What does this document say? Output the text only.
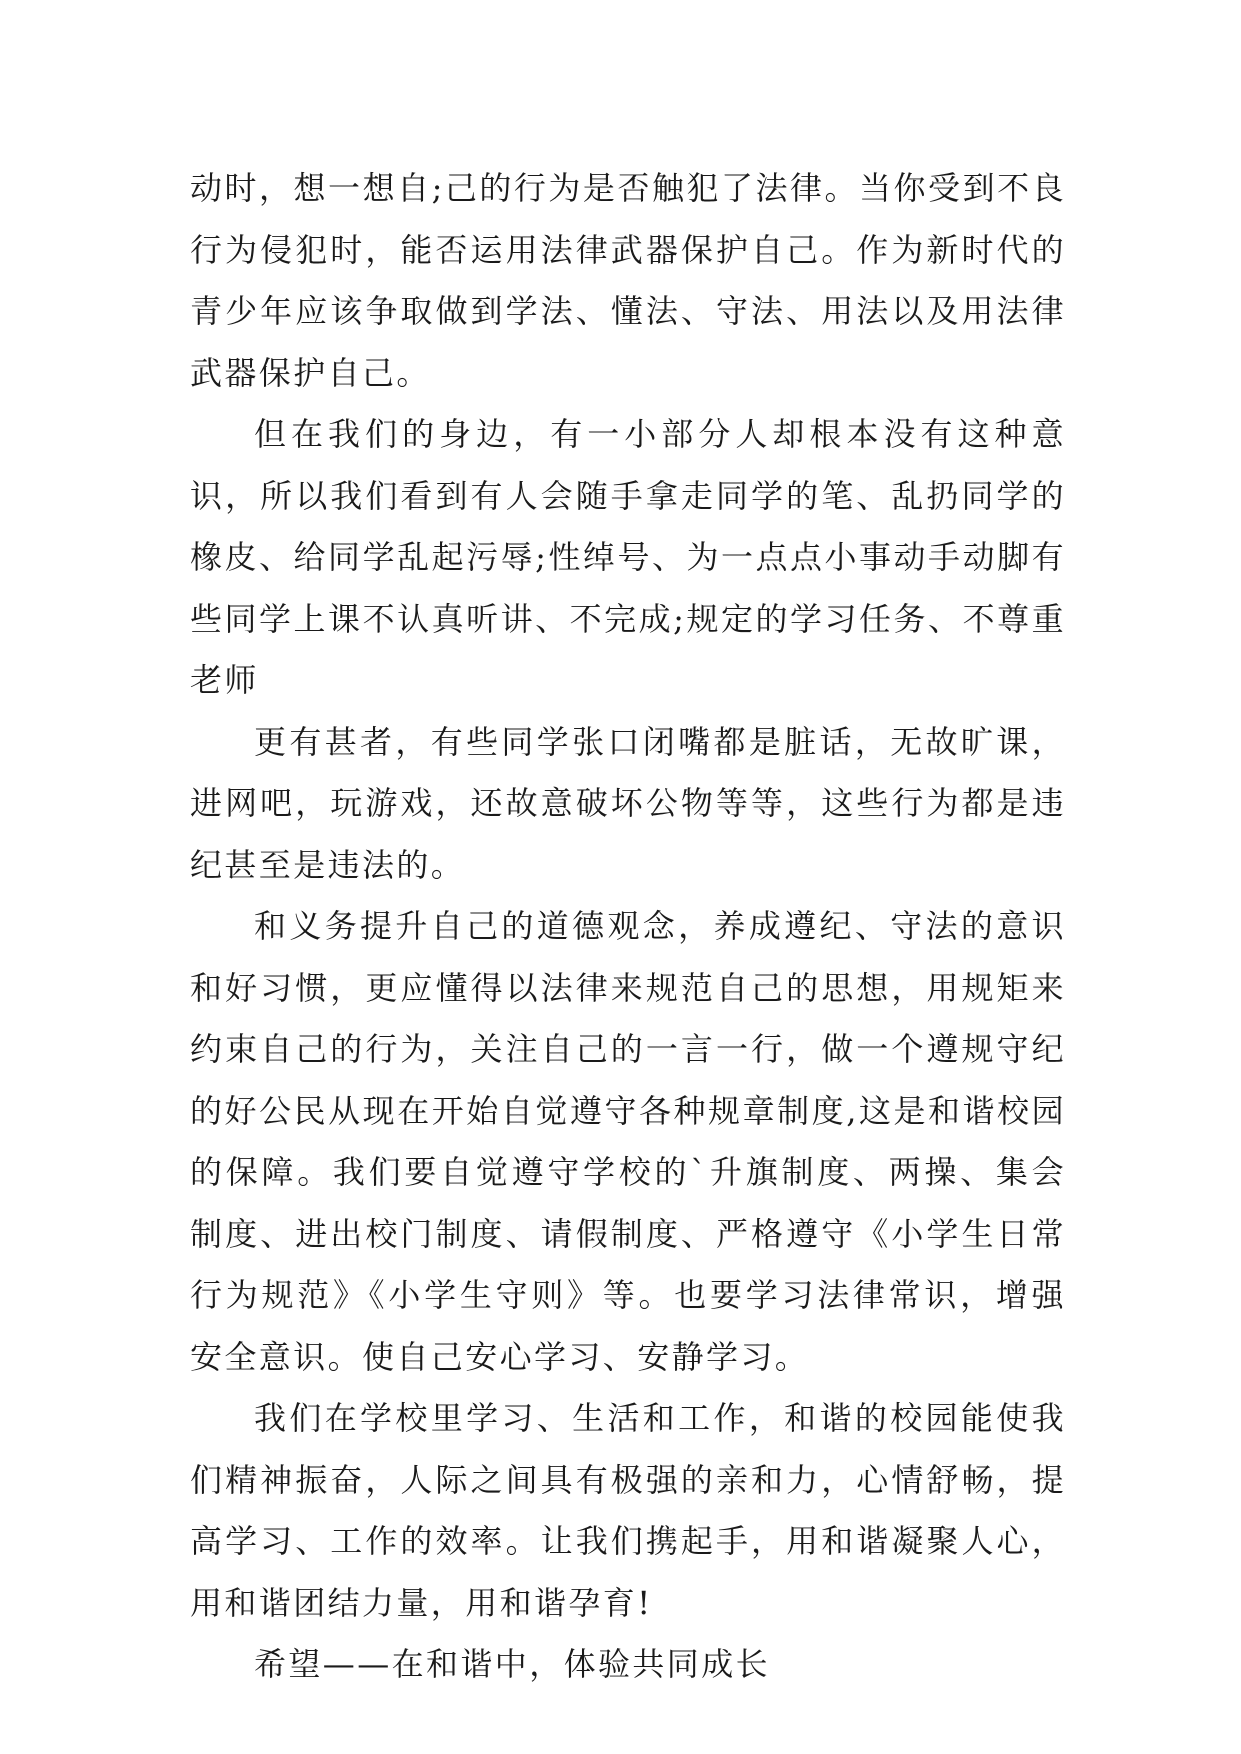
动时，想一想自;己的行为是否触犯了法律。当你受到不良行为侵犯时，能否运用法律武器保护自己。作为新时代的青少年应该争取做到学法、懂法、守法、用法以及用法律武器保护自己。

但在我们的身边，有一小部分人却根本没有这种意识，所以我们看到有人会随手拿走同学的笔、乱扔同学的橡皮、给同学乱起污辱;性绰号、为一点点小事动手动脚有些同学上课不认真听讲、不完成;规定的学习任务、不尊重老师

更有甚者，有些同学张口闭嘴都是脏话，无故旷课，进网吧，玩游戏，还故意破坏公物等等，这些行为都是违纪甚至是违法的。

和义务提升自己的道德观念，养成遵纪、守法的意识和好习惯，更应懂得以法律来规范自己的思想，用规矩来约束自己的行为，关注自己的一言一行，做一个遵规守纪的好公民从现在开始自觉遵守各种规章制度,这是和谐校园的保障。我们要自觉遵守学校的`升旗制度、两操、集会制度、进出校门制度、请假制度、严格遵守《小学生日常行为规范》《小学生守则》等。也要学习法律常识，增强安全意识。使自己安心学习、安静学习。

我们在学校里学习、生活和工作，和谐的校园能使我们精神振奋，人际之间具有极强的亲和力，心情舒畅，提高学习、工作的效率。让我们携起手，用和谐凝聚人心，用和谐团结力量，用和谐孕育!

希望——在和谐中，体验共同成长
